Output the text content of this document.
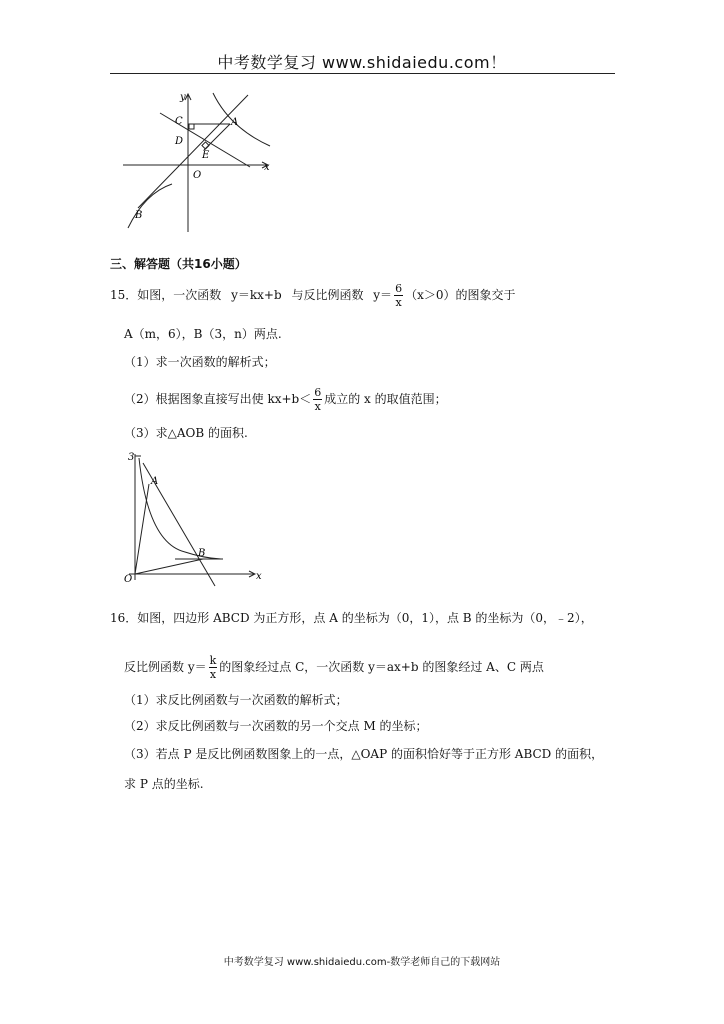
中考数学复习 www.shidaiedu.com！
y
x
C	A
D
E
O
B
三、解答题（共16小题）
15．如图，一次函数 y＝kx+b 与反比例函数 $y= \frac{6}{x} (x>0)$的图象交于
A（m，6），B（3，n）两点.
（1）求一次函数的解析式；
（2）根据图象直接写出使 $kx+b< \frac{6}{x}$ 成立的 x 的取值范围；
（3）求△AOB 的面积.
3
A
B
O	x
16．如图，四边形 ABCD 为正方形，点 A 的坐标为（0，1），点 B 的坐标为（0，﹣2），
反比例函数 $y= \frac{k}{x}$ 的图象经过点 C，一次函数 y＝ax+b 的图象经过 A、C 两点
（1）求反比例函数与一次函数的解析式；
（2）求反比例函数与一次函数的另一个交点 M 的坐标；
（3）若点 P 是反比例函数图象上的一点，△OAP 的面积恰好等于正方形 ABCD 的面积，
求 P 点的坐标.
中考数学复习 www.shidaiedu.com-数学老师自己的下载网站
